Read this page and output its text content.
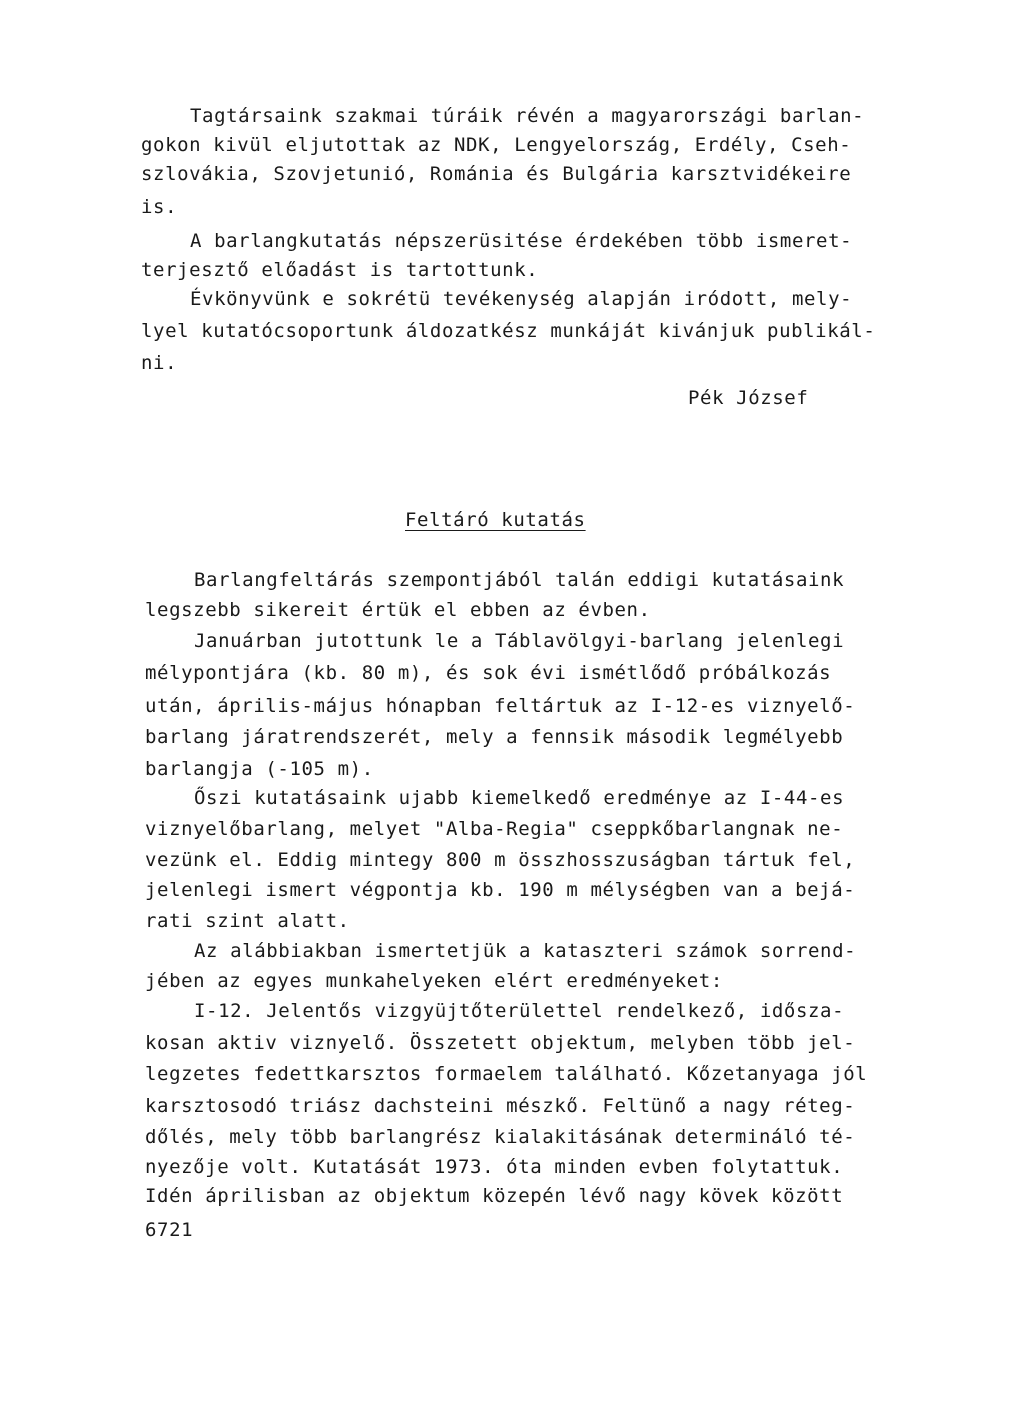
Tagtársaink szakmai túráik révén a magyarországi barlan-
gokon kivül eljutottak az NDK, Lengyelország, Erdély, Cseh-
szlovákia, Szovjetunió, Románia és Bulgária karsztvidékeire
is.
A barlangkutatás népszerüsitése érdekében több ismeret-
terjesztő előadást is tartottunk.
Évkönyvünk e sokrétü tevékenység alapján iródott, mely-
lyel kutatócsoportunk áldozatkész munkáját kivánjuk publikál-
ni.
Pék József
Feltáró kutatás
Barlangfeltárás szempontjából talán eddigi kutatásaink
legszebb sikereit értük el ebben az évben.
Januárban jutottunk le a Táblavölgyi-barlang jelenlegi
mélypontjára (kb. 80 m), és sok évi ismétlődő próbálkozás
után, április-május hónapban feltártuk az I-12-es viznyelő-
barlang járatrendszerét, mely a fennsik második legmélyebb
barlangja (-105 m).
Őszi kutatásaink ujabb kiemelkedő eredménye az I-44-es
viznyelőbarlang, melyet "Alba-Regia" cseppkőbarlangnak ne-
vezünk el. Eddig mintegy 800 m összhosszuságban tártuk fel,
jelenlegi ismert végpontja kb. 190 m mélységben van a bejá-
rati szint alatt.
Az alábbiakban ismertetjük a kataszteri számok sorrend-
jében az egyes munkahelyeken elért eredményeket:
I-12. Jelentős vizgyüjtőterülettel rendelkező, idősza-
kosan aktiv viznyelő. Összetett objektum, melyben több jel-
legzetes fedettkarsztos formaelem található. Kőzetanyaga jól
karsztosodó triász dachsteini mészkő. Feltünő a nagy réteg-
dőlés, mely több barlangrész kialakitásának determináló té-
nyezője volt. Kutatását 1973. óta minden evben folytattuk.
Idén áprilisban az objektum közepén lévő nagy kövek között
6721
